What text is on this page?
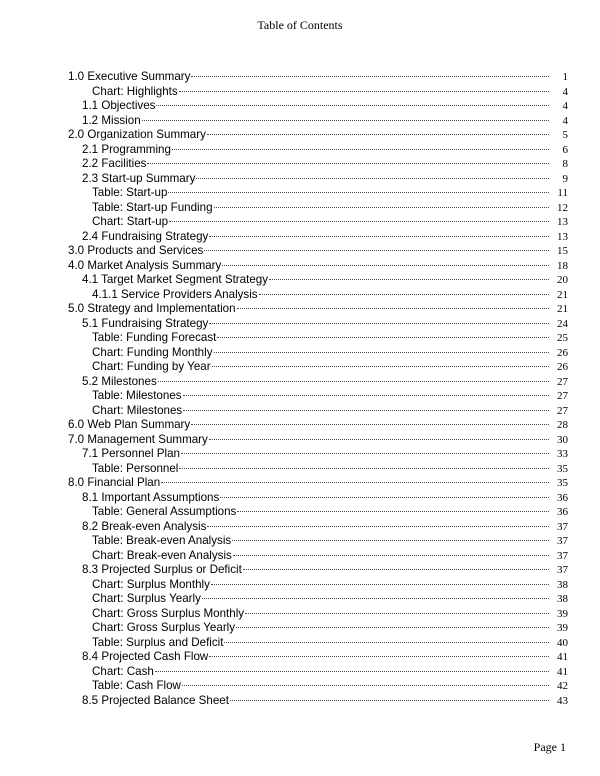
Table of Contents
1.0 Executive Summary	1
Chart: Highlights	4
1.1 Objectives	4
1.2 Mission	4
2.0 Organization Summary	5
2.1 Programming	6
2.2 Facilities	8
2.3 Start-up Summary	9
Table: Start-up	11
Table: Start-up Funding	12
Chart: Start-up	13
2.4 Fundraising Strategy	13
3.0 Products and Services	15
4.0 Market Analysis Summary	18
4.1 Target Market Segment Strategy	20
4.1.1 Service Providers Analysis	21
5.0 Strategy and Implementation	21
5.1 Fundraising Strategy	24
Table: Funding Forecast	25
Chart: Funding Monthly	26
Chart: Funding by Year	26
5.2 Milestones	27
Table: Milestones	27
Chart: Milestones	27
6.0 Web Plan Summary	28
7.0 Management Summary	30
7.1 Personnel Plan	33
Table: Personnel	35
8.0 Financial Plan	35
8.1 Important Assumptions	36
Table: General Assumptions	36
8.2 Break-even Analysis	37
Table: Break-even Analysis	37
Chart: Break-even Analysis	37
8.3 Projected Surplus or Deficit	37
Chart: Surplus Monthly	38
Chart: Surplus Yearly	38
Chart: Gross Surplus Monthly	39
Chart: Gross Surplus Yearly	39
Table: Surplus and Deficit	40
8.4 Projected Cash Flow	41
Chart: Cash	41
Table: Cash Flow	42
8.5 Projected Balance Sheet	43
Page 1
